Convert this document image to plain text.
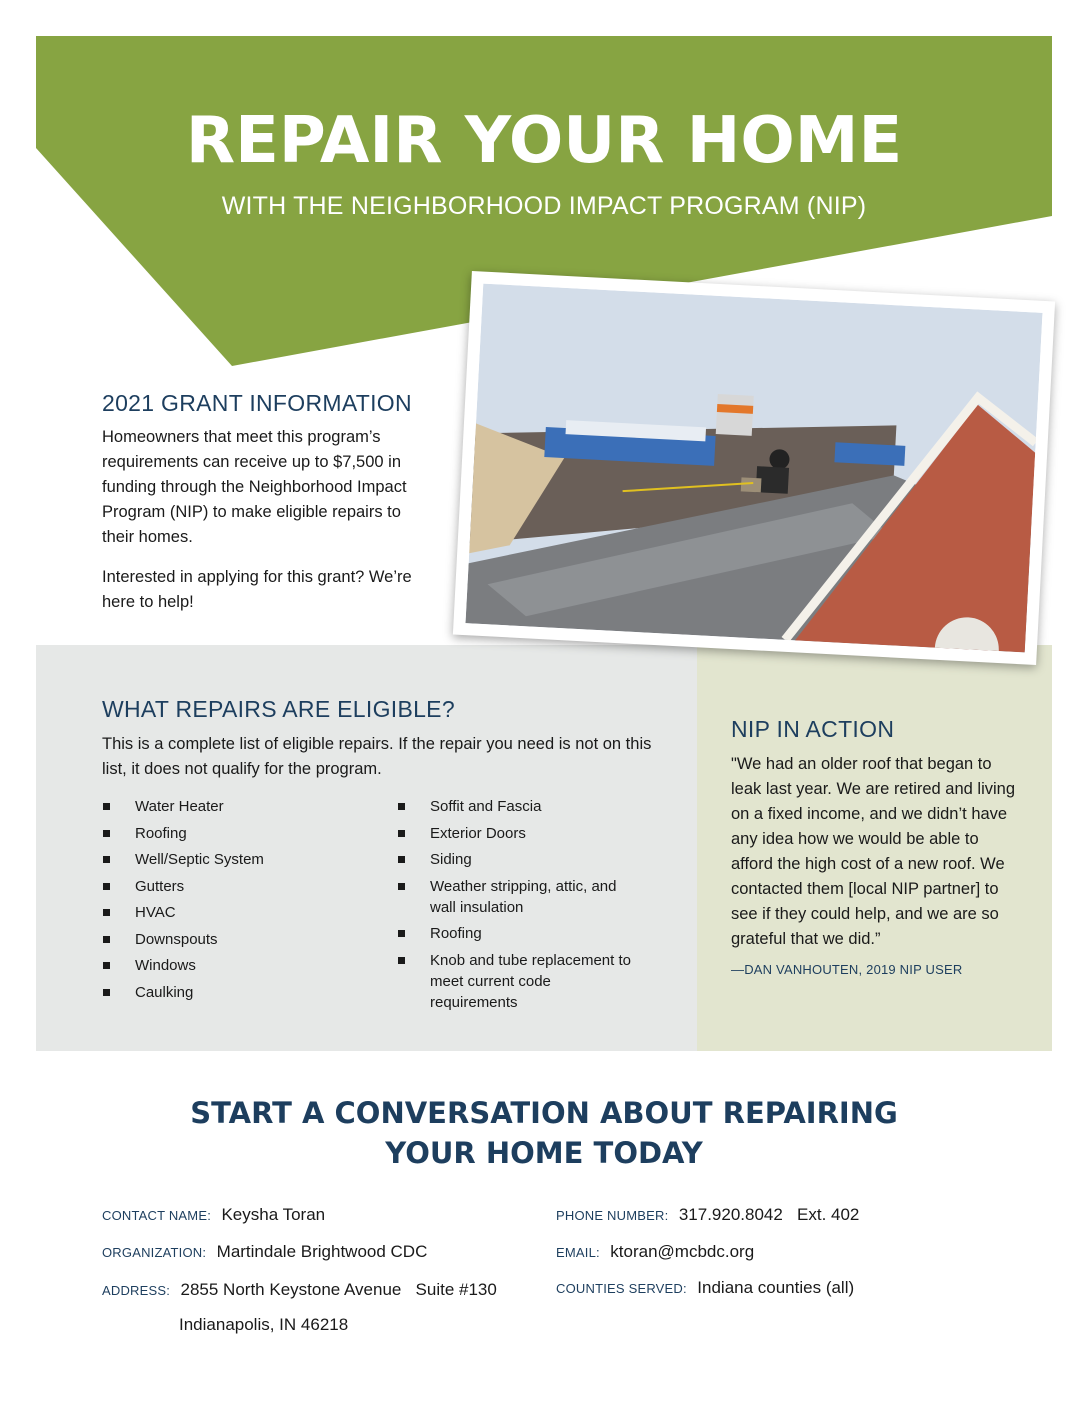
REPAIR YOUR HOME
WITH THE NEIGHBORHOOD IMPACT PROGRAM (NIP)
2021 GRANT INFORMATION

Homeowners that meet this program’s requirements can receive up to $7,500 in funding through the Neighborhood Impact Program (NIP) to make eligible repairs to their homes.

Interested in applying for this grant? We’re here to help!

WHAT REPAIRS ARE ELIGIBLE?

This is a complete list of eligible repairs. If the repair you need is not on this list, it does not qualify for the program.

Water Heater
Roofing
Well/Septic System
Gutters
HVAC
Downspouts
Windows
Caulking
Soffit and Fascia
Exterior Doors
Siding
Weather stripping, attic, and wall insulation
Roofing
Knob and tube replacement to meet current code requirements
NIP IN ACTION

"We had an older roof that began to leak last year. We are retired and living on a fixed income, and we didn’t have any idea how we would be able to afford the high cost of a new roof. We contacted them [local NIP partner] to see if they could help, and we are so grateful that we did.”

—DAN VANHOUTEN, 2019 NIP USER

START A CONVERSATION ABOUT REPAIRING
YOUR HOME TODAY
CONTACT NAME: Keysha Toran
ORGANIZATION: Martindale Brightwood CDC
ADDRESS: 2855 North Keystone Avenue   Suite #130
Indianapolis, IN 46218
PHONE NUMBER: 317.920.8042   Ext. 402
EMAIL: ktoran@mcbdc.org
COUNTIES SERVED: Indiana counties (all)
